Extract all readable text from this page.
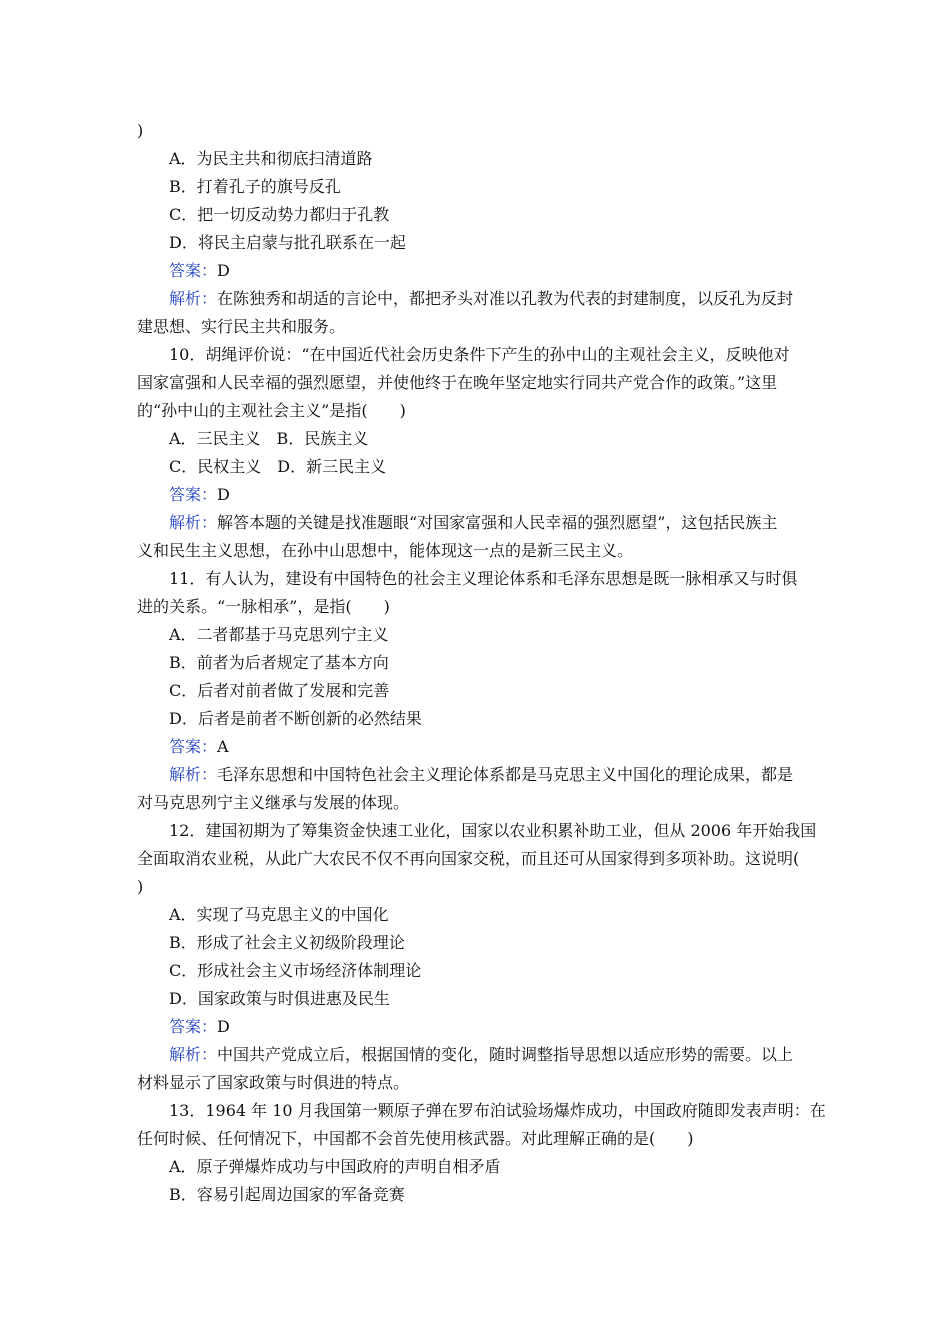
)
A．为民主共和彻底扫清道路
B．打着孔子的旗号反孔
C．把一切反动势力都归于孔教
D．将民主启蒙与批孔联系在一起
答案：D
解析：在陈独秀和胡适的言论中，都把矛头对准以孔教为代表的封建制度，以反孔为反封
建思想、实行民主共和服务。
10．胡绳评价说：“在中国近代社会历史条件下产生的孙中山的主观社会主义，反映他对
国家富强和人民幸福的强烈愿望，并使他终于在晚年坚定地实行同共产党合作的政策。”这里
的“孙中山的主观社会主义”是指(　　)
A．三民主义　B．民族主义
C．民权主义　D．新三民主义
答案：D
解析：解答本题的关键是找准题眼“对国家富强和人民幸福的强烈愿望”，这包括民族主
义和民生主义思想，在孙中山思想中，能体现这一点的是新三民主义。
11．有人认为，建设有中国特色的社会主义理论体系和毛泽东思想是既一脉相承又与时俱
进的关系。“一脉相承”，是指(　　)
A．二者都基于马克思列宁主义
B．前者为后者规定了基本方向
C．后者对前者做了发展和完善
D．后者是前者不断创新的必然结果
答案：A
解析：毛泽东思想和中国特色社会主义理论体系都是马克思主义中国化的理论成果，都是
对马克思列宁主义继承与发展的体现。
12．建国初期为了筹集资金快速工业化，国家以农业积累补助工业，但从 2006 年开始我国
全面取消农业税，从此广大农民不仅不再向国家交税，而且还可从国家得到多项补助。这说明(
)
A．实现了马克思主义的中国化
B．形成了社会主义初级阶段理论
C．形成社会主义市场经济体制理论
D．国家政策与时俱进惠及民生
答案：D
解析：中国共产党成立后，根据国情的变化，随时调整指导思想以适应形势的需要。以上
材料显示了国家政策与时俱进的特点。
13．1964 年 10 月我国第一颗原子弹在罗布泊试验场爆炸成功，中国政府随即发表声明：在
任何时候、任何情况下，中国都不会首先使用核武器。对此理解正确的是(　　)
A．原子弹爆炸成功与中国政府的声明自相矛盾
B．容易引起周边国家的军备竞赛
